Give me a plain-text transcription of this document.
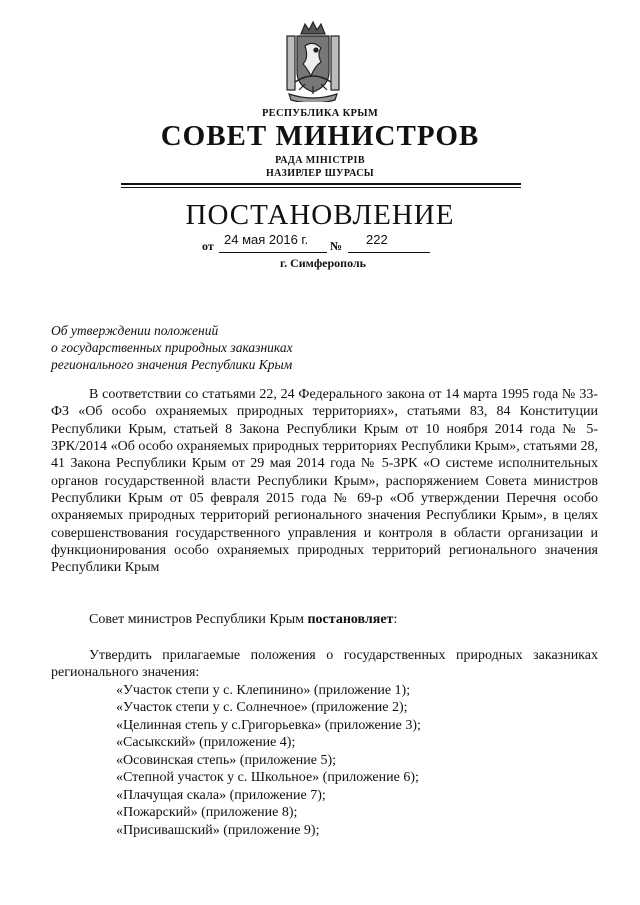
РЕСПУБЛИКА КРЫМ
СОВЕТ МИНИСТРОВ
РАДА МІНІСТРІВ
НАЗИРЛЕР ШУРАСЫ
ПОСТАНОВЛЕНИЕ
от 24 мая 2016 г. № 222
г. Симферополь
Об утверждении положений
о государственных природных заказниках
регионального значения Республики Крым

В соответствии со статьями 22, 24 Федерального закона от 14 марта 1995 года № 33-ФЗ «Об особо охраняемых природных территориях», статьями 83, 84 Конституции Республики Крым, статьей 8 Закона Республики Крым от 10 ноября 2014 года № 5-ЗРК/2014 «Об особо охраняемых природных территориях Республики Крым», статьями 28, 41 Закона Республики Крым от 29 мая 2014 года № 5-ЗРК «О системе исполнительных органов государственной власти Республики Крым», распоряжением Совета министров Республики Крым от 05 февраля 2015 года № 69-р «Об утверждении Перечня особо охраняемых природных территорий регионального значения Республики Крым», в целях совершенствования государственного управления и контроля в области организации и функционирования особо охраняемых природных территорий регионального значения Республики Крым

Совет министров Республики Крым постановляет:

Утвердить прилагаемые положения о государственных природных заказниках регионального значения:

«Участок степи у с. Клепинино» (приложение 1);
«Участок степи у с. Солнечное» (приложение 2);
«Целинная степь у с.Григорьевка» (приложение 3);
«Сасыкский» (приложение 4);
«Осовинская степь» (приложение 5);
«Степной участок у с. Школьное» (приложение 6);
«Плачущая скала» (приложение 7);
«Пожарский» (приложение 8);
«Присивашский» (приложение 9);
